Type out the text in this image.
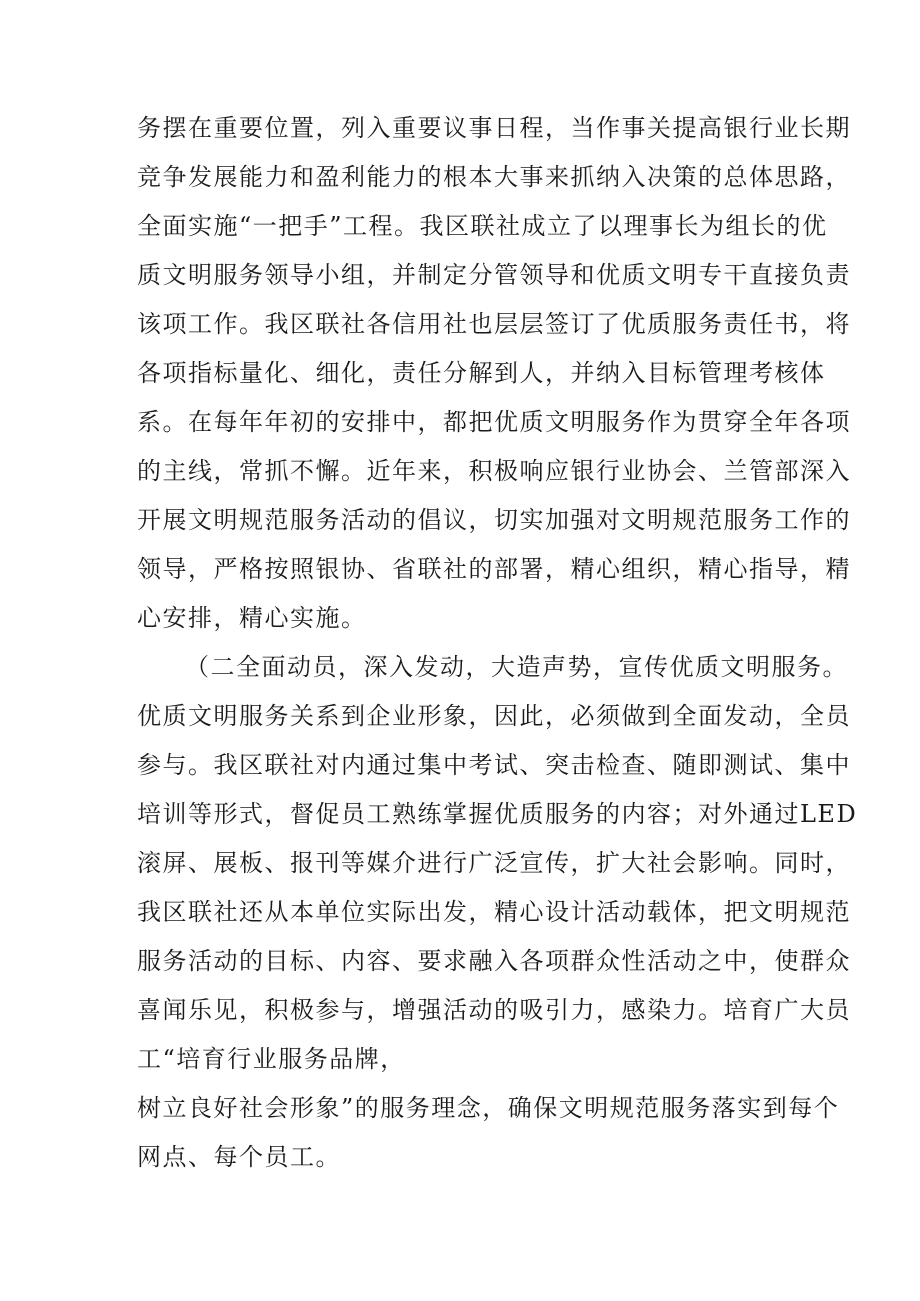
务摆在重要位置，列入重要议事日程，当作事关提高银行业长期
竞争发展能力和盈利能力的根本大事来抓纳入决策的总体思路，
全面实施“一把手”工程。我区联社成立了以理事长为组长的优
质文明服务领导小组，并制定分管领导和优质文明专干直接负责
该项工作。我区联社各信用社也层层签订了优质服务责任书，将
各项指标量化、细化，责任分解到人，并纳入目标管理考核体
系。在每年年初的安排中，都把优质文明服务作为贯穿全年各项
的主线，常抓不懈。近年来，积极响应银行业协会、兰管部深入
开展文明规范服务活动的倡议，切实加强对文明规范服务工作的
领导，严格按照银协、省联社的部署，精心组织，精心指导，精
心安排，精心实施。
（二全面动员，深入发动，大造声势，宣传优质文明服务。
优质文明服务关系到企业形象，因此，必须做到全面发动，全员
参与。我区联社对内通过集中考试、突击检查、随即测试、集中
培训等形式，督促员工熟练掌握优质服务的内容；对外通过LED
滚屏、展板、报刊等媒介进行广泛宣传，扩大社会影响。同时，
我区联社还从本单位实际出发，精心设计活动载体，把文明规范
服务活动的目标、内容、要求融入各项群众性活动之中，使群众
喜闻乐见，积极参与，增强活动的吸引力，感染力。培育广大员
工“培育行业服务品牌，
树立良好社会形象”的服务理念，确保文明规范服务落实到每个
网点、每个员工。
